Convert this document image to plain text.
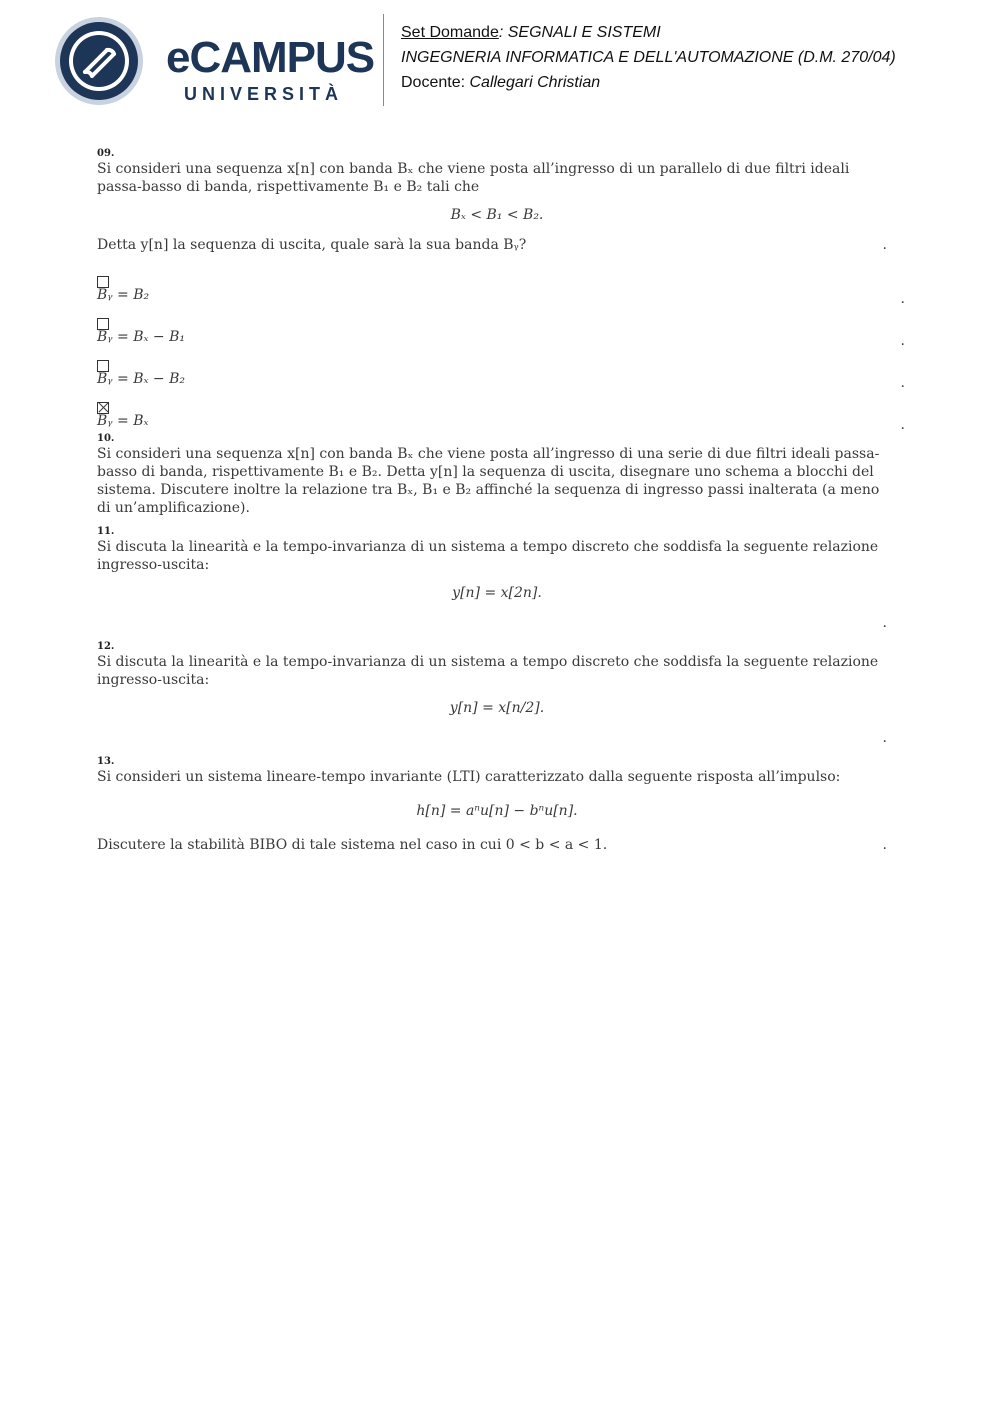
eCAMPUS
UNIVERSITÀ
Set Domande: SEGNALI E SISTEMI
INGEGNERIA INFORMATICA E DELL'AUTOMAZIONE (D.M. 270/04)
Docente: Callegari Christian
09.

Si consideri una sequenza x[n] con banda Bₓ che viene posta all’ingresso di un parallelo di due filtri ideali passa-basso di banda, rispettivamente B₁ e B₂ tali che

Bₓ < B₁ < B₂.

Detta y[n] la sequenza di uscita, quale sarà la sua banda Bᵧ?	.
Bᵧ = B₂	.
Bᵧ = Bₓ − B₁	.
Bᵧ = Bₓ − B₂	.
Bᵧ = Bₓ	.
10.

Si consideri una sequenza x[n] con banda Bₓ che viene posta all’ingresso di una serie di due filtri ideali passa-basso di banda, rispettivamente B₁ e B₂. Detta y[n] la sequenza di uscita, disegnare uno schema a blocchi del sistema. Discutere inoltre la relazione tra Bₓ, B₁ e B₂ affinché la sequenza di ingresso passi inalterata (a meno di un’amplificazione).

11.

Si discuta la linearità e la tempo-invarianza di un sistema a tempo discreto che soddisfa la seguente relazione ingresso-uscita:

y[n] = x[2n].
.
12.

Si discuta la linearità e la tempo-invarianza di un sistema a tempo discreto che soddisfa la seguente relazione ingresso-uscita:

y[n] = x[n/2].
.
13.

Si consideri un sistema lineare-tempo invariante (LTI) caratterizzato dalla seguente risposta all’impulso:

h[n] = aⁿu[n] − bⁿu[n].

Discutere la stabilità BIBO di tale sistema nel caso in cui 0 < b < a < 1.	.
